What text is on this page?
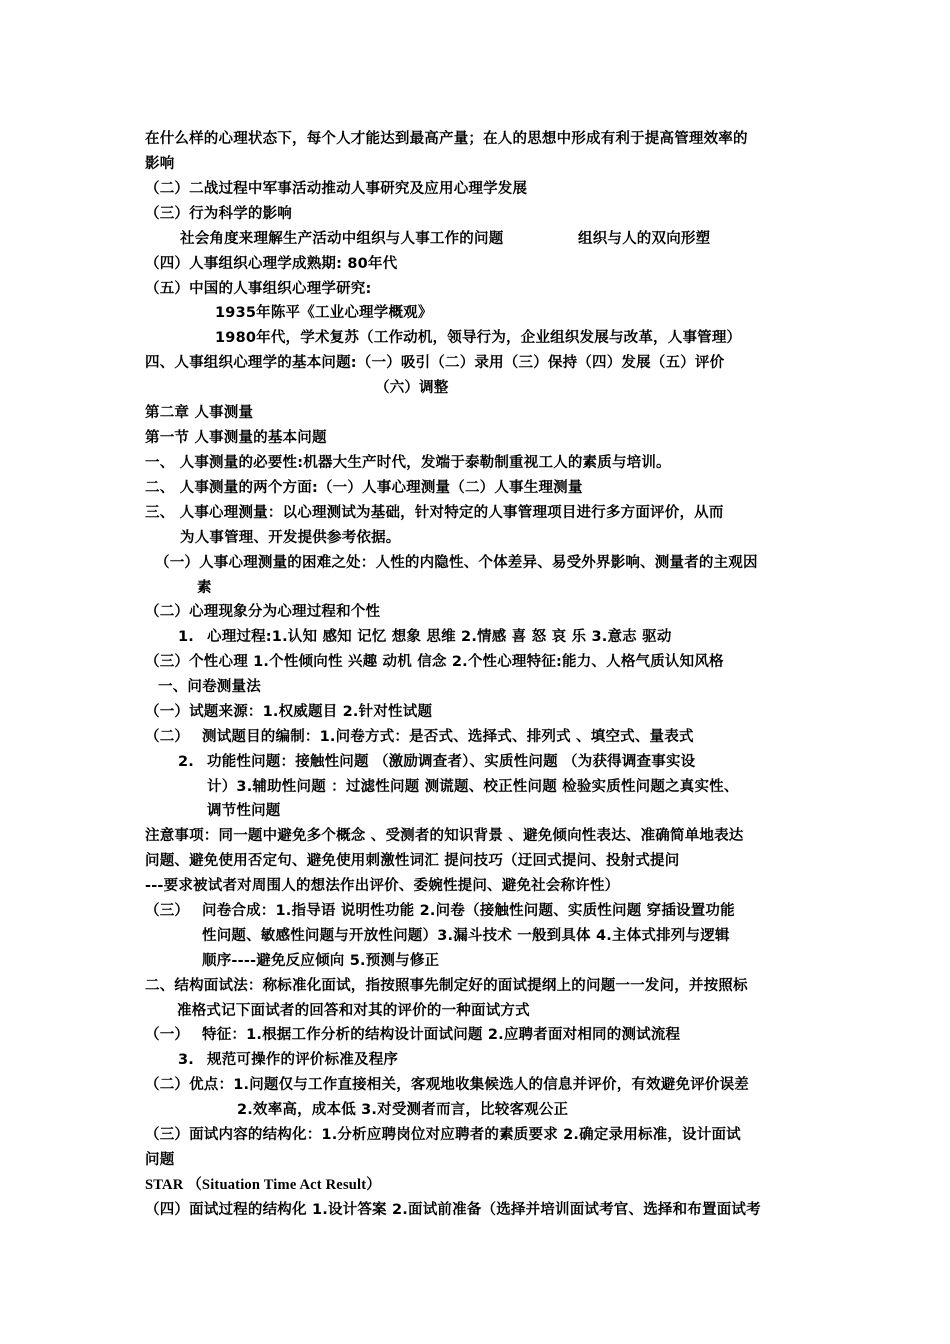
在什么样的心理状态下，每个人才能达到最高产量；在人的思想中形成有利于提高管理效率的
影响
（二）二战过程中军事活动推动人事研究及应用心理学发展
（三）行为科学的影响
社会角度来理解生产活动中组织与人事工作的问题	组织与人的双向形塑
（四）人事组织心理学成熟期: 80年代
（五）中国的人事组织心理学研究:
1935年陈平《工业心理学概观》
1980年代，学术复苏（工作动机，领导行为，企业组织发展与改革，人事管理）
四、人事组织心理学的基本问题:（一）吸引（二）录用（三）保持（四）发展（五）评价
（六）调整
第二章 人事测量
第一节 人事测量的基本问题
一、 人事测量的必要性:机器大生产时代，发端于泰勒制重视工人的素质与培训。
二、 人事测量的两个方面:（一）人事心理测量（二）人事生理测量
三、 人事心理测量：以心理测试为基础，针对特定的人事管理项目进行多方面评价，从而
为人事管理、开发提供参考依据。
（一）人事心理测量的困难之处：人性的内隐性、个体差异、易受外界影响、测量者的主观因
素
（二）心理现象分为心理过程和个性
1. 心理过程:1.认知 感知 记忆 想象 思维 2.情感 喜 怒 哀 乐 3.意志 驱动
（三）个性心理 1.个性倾向性 兴趣 动机 信念 2.个性心理特征:能力、人格气质认知风格
一、问卷测量法
（一）试题来源：1.权威题目 2.针对性试题
（二） 测试题目的编制：1.问卷方式：是否式、选择式、排列式 、填空式、量表式
2. 功能性问题：接触性问题 （激励调查者）、实质性问题 （为获得调查事实设
计）3.辅助性问题 ：过滤性问题 测谎题、校正性问题 检验实质性问题之真实性、
调节性问题
注意事项：同一题中避免多个概念 、受测者的知识背景 、避免倾向性表达、准确简单地表达
问题、避免使用否定句、避免使用刺激性词汇 提问技巧（迂回式提问、投射式提问
---要求被试者对周围人的想法作出评价、委婉性提问、避免社会称许性）
（三） 问卷合成：1.指导语 说明性功能 2.问卷（接触性问题、实质性问题 穿插设置功能
性问题、敏感性问题与开放性问题）3.漏斗技术 一般到具体 4.主体式排列与逻辑
顺序----避免反应倾向 5.预测与修正
二、结构面试法：称标准化面试，指按照事先制定好的面试提纲上的问题一一发问，并按照标
准格式记下面试者的回答和对其的评价的一种面试方式
（一） 特征：1.根据工作分析的结构设计面试问题 2.应聘者面对相同的测试流程
3. 规范可操作的评价标准及程序
（二）优点：1.问题仅与工作直接相关，客观地收集候选人的信息并评价，有效避免评价误差
2.效率高，成本低 3.对受测者而言，比较客观公正
（三）面试内容的结构化：1.分析应聘岗位对应聘者的素质要求 2.确定录用标准，设计面试
问题
STAR （Situation Time Act Result）
（四）面试过程的结构化 1.设计答案 2.面试前准备（选择并培训面试考官、选择和布置面试考
